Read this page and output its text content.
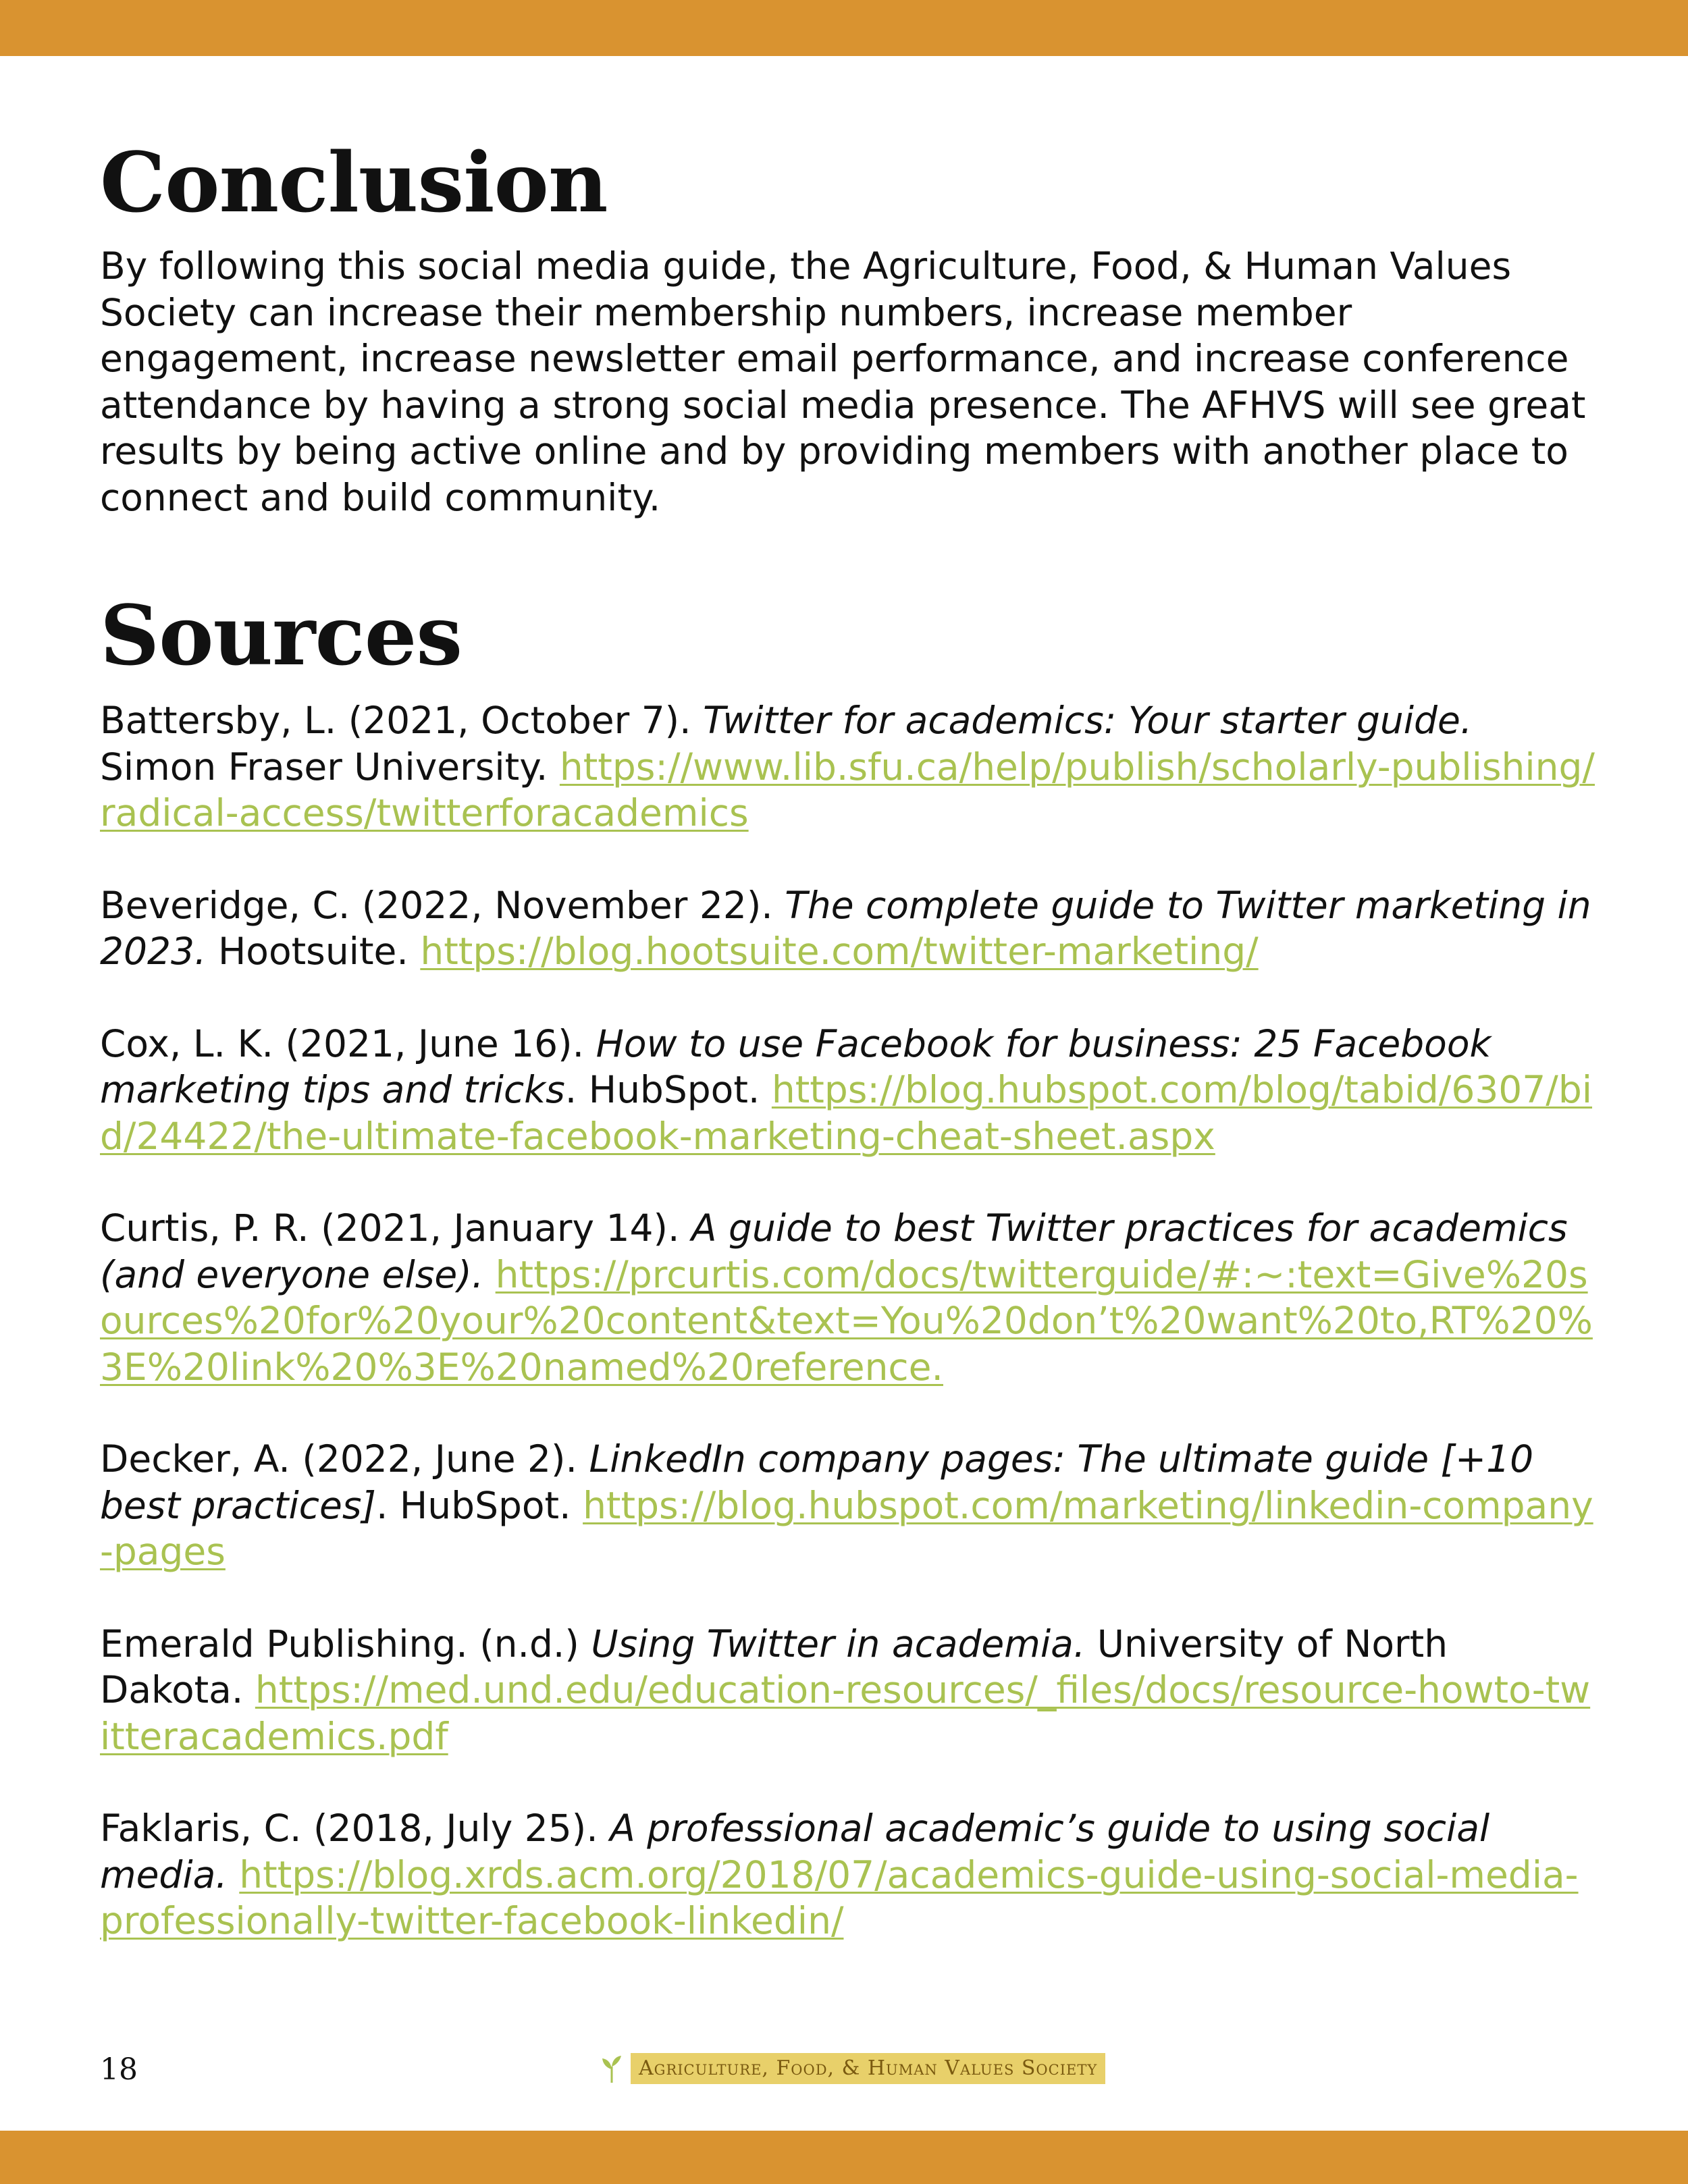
Conclusion

By following this social media guide, the Agriculture, Food, & Human Values Society can increase their membership numbers, increase member engagement, increase newsletter email performance, and increase conference attendance by having a strong social media presence. The AFHVS will see great results by being active online and by providing members with another place to connect and build community.

Sources

Battersby, L. (2021, October 7). Twitter for academics: Your starter guide. Simon Fraser University. https://www.lib.sfu.ca/help/publish/scholarly-publishing/radical-access/twitterforacademics

Beveridge, C. (2022, November 22). The complete guide to Twitter marketing in 2023. Hootsuite. https://blog.hootsuite.com/twitter-marketing/

Cox, L. K. (2021, June 16). How to use Facebook for business: 25 Facebook marketing tips and tricks. HubSpot. https://blog.hubspot.com/blog/tabid/6307/bid/24422/the-ultimate-facebook-marketing-cheat-sheet.aspx

Curtis, P. R. (2021, January 14). A guide to best Twitter practices for academics (and everyone else). https://prcurtis.com/docs/twitterguide/#:~:text=Give%20sources%20for%20your%20content&text=You%20don’t%20want%20to,RT%20%3E%20link%20%3E%20named%20reference.

Decker, A. (2022, June 2). LinkedIn company pages: The ultimate guide [+10 best practices]. HubSpot. https://blog.hubspot.com/marketing/linkedin-company-pages

Emerald Publishing. (n.d.) Using Twitter in academia. University of North Dakota. https://med.und.edu/education-resources/_files/docs/resource-howto-twitteracademics.pdf

Faklaris, C. (2018, July 25). A professional academic’s guide to using social media. https://blog.xrds.acm.org/2018/07/academics-guide-using-social-media-professionally-twitter-facebook-linkedin/

18	Agriculture, Food, & Human Values Society
